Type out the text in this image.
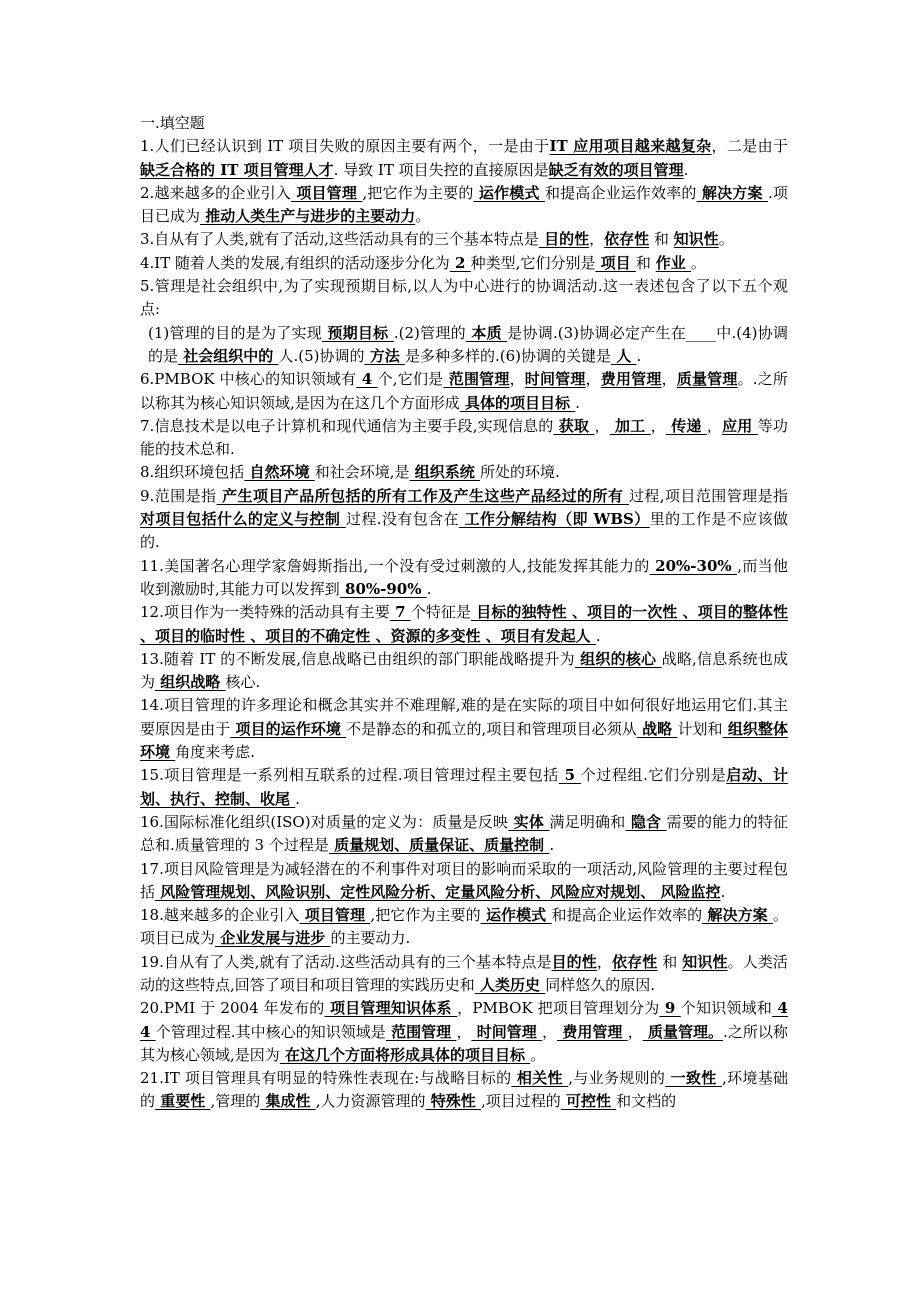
一.填空题

1.人们已经认识到 IT 项目失败的原因主要有两个，一是由于IT 应用项目越来越复杂，二是由于缺乏合格的 IT 项目管理人才. 导致 IT 项目失控的直接原因是缺乏有效的项目管理.

2.越来越多的企业引入 项目管理 ,把它作为主要的 运作模式 和提高企业运作效率的 解决方案 .项目已成为 推动人类生产与进步的主要动力。

3.自从有了人类,就有了活动,这些活动具有的三个基本特点是 目的性，依存性 和 知识性。

4.IT 随着人类的发展,有组织的活动逐步分化为 2 种类型,它们分别是 项目 和 作业 。

5.管理是社会组织中,为了实现预期目标,以人为中心进行的协调活动.这一表述包含了以下五个观点:

(1)管理的目的是为了实现 预期目标 .(2)管理的 本质 是协调.(3)协调必定产生在____中.(4)协调的是 社会组织中的 人.(5)协调的 方法 是多种多样的.(6)协调的关键是 人 .

6.PMBOK 中核心的知识领域有 4 个,它们是 范围管理，时间管理，费用管理，质量管理。.之所以称其为核心知识领域,是因为在这几个方面形成 具体的项目目标 .

7.信息技术是以电子计算机和现代通信为主要手段,实现信息的 获取 ， 加工 ， 传递 ，应用 等功能的技术总和.

8.组织环境包括 自然环境 和社会环境,是 组织系统 所处的环境.

9.范围是指 产生项目产品所包括的所有工作及产生这些产品经过的所有 过程,项目范围管理是指 对项目包括什么的定义与控制 过程.没有包含在 工作分解结构（即 WBS）里的工作是不应该做的.

11.美国著名心理学家詹姆斯指出,一个没有受过刺激的人,技能发挥其能力的 20%-30% ,而当他收到激励时,其能力可以发挥到 80%-90% .

12.项目作为一类特殊的活动具有主要 7 个特征是 目标的独特性 、项目的一次性 、项目的整体性 、项目的临时性 、项目的不确定性 、资源的多变性 、项目有发起人 .

13.随着 IT 的不断发展,信息战略已由组织的部门职能战略提升为 组织的核心 战略,信息系统也成为 组织战略 核心.

14.项目管理的许多理论和概念其实并不难理解,难的是在实际的项目中如何很好地运用它们.其主要原因是由于 项目的运作环境 不是静态的和孤立的,项目和管理项目必须从 战略 计划和 组织整体环境 角度来考虑.

15.项目管理是一系列相互联系的过程.项目管理过程主要包括 5 个过程组.它们分别是启动、计划、执行、控制、收尾 .

16.国际标准化组织(ISO)对质量的定义为：质量是反映 实体 满足明确和 隐含 需要的能力的特征总和.质量管理的 3 个过程是 质量规划、质量保证、质量控制 .

17.项目风险管理是为减轻潜在的不利事件对项目的影响而采取的一项活动,风险管理的主要过程包括 风险管理规划、风险识别、定性风险分析、定量风险分析、风险应对规划、 风险监控.

18.越来越多的企业引入 项目管理 ,把它作为主要的 运作模式 和提高企业运作效率的 解决方案 。项目已成为 企业发展与进步 的主要动力.

19.自从有了人类,就有了活动.这些活动具有的三个基本特点是目的性，依存性 和 知识性。人类活动的这些特点,回答了项目和项目管理的实践历史和 人类历史 同样悠久的原因.

20.PMI 于 2004 年发布的 项目管理知识体系 ，PMBOK 把项目管理划分为 9 个知识领域和 44 个管理过程.其中核心的知识领域是 范围管理 ， 时间管理 ， 费用管理 ， 质量管理。.之所以称其为核心领域,是因为 在这几个方面将形成具体的项目目标 。

21.IT 项目管理具有明显的特殊性表现在:与战略目标的 相关性 ,与业务规则的 一致性 ,环境基础的 重要性 ,管理的 集成性 ,人力资源管理的 特殊性 ,项目过程的 可控性 和文档的
